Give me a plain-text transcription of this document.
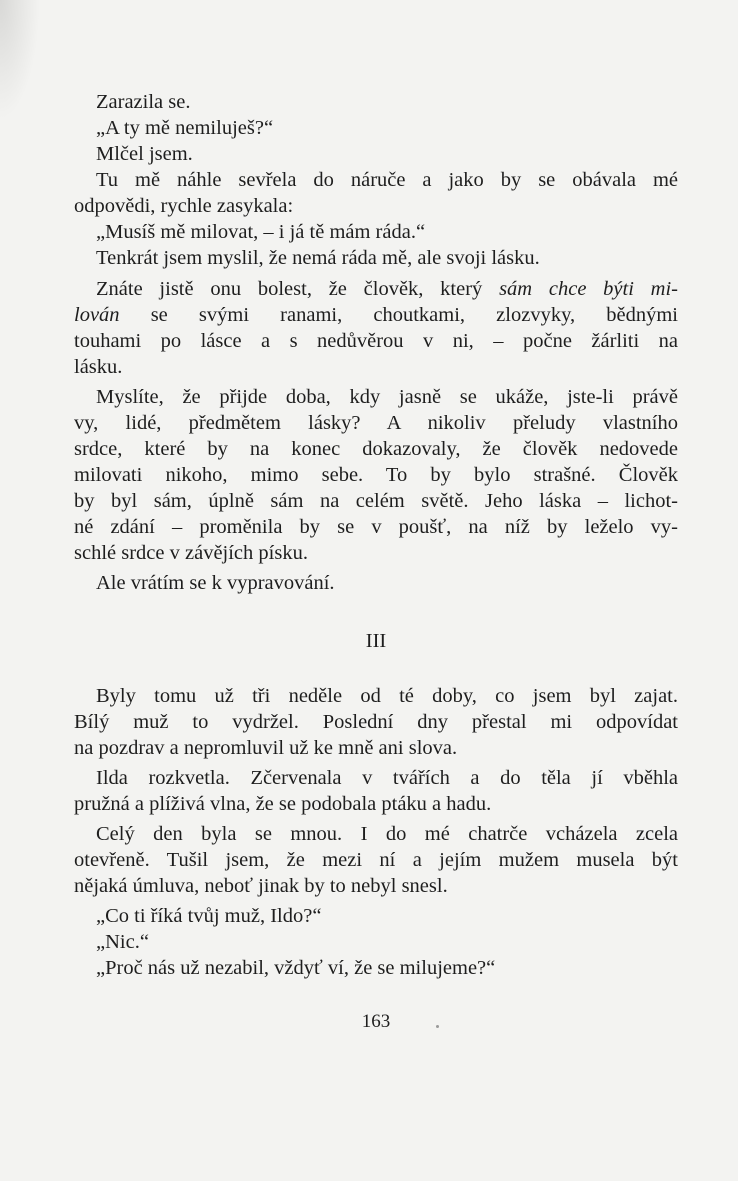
Zarazila se.
„A ty mě nemiluješ?“
Mlčel jsem.
Tu mě náhle sevřela do náruče a jako by se obávala mé
odpovědi, rychle zasykala:
„Musíš mě milovat, – i já tě mám ráda.“
Tenkrát jsem myslil, že nemá ráda mě, ale svoji lásku.
Znáte jistě onu bolest, že člověk, který sám chce býti mi-
lován se svými ranami, choutkami, zlozvyky, bědnými
touhami po lásce a s nedůvěrou v ni, – počne žárliti na
lásku.
Myslíte, že přijde doba, kdy jasně se ukáže, jste-li právě
vy, lidé, předmětem lásky? A nikoliv přeludy vlastního
srdce, které by na konec dokazovaly, že člověk nedovede
milovati nikoho, mimo sebe. To by bylo strašné. Člověk
by byl sám, úplně sám na celém světě. Jeho láska – lichot-
né zdání – proměnila by se v poušť, na níž by leželo vy-
schlé srdce v závějích písku.
Ale vrátím se k vypravování.
III
Byly tomu už tři neděle od té doby, co jsem byl zajat.
Bílý muž to vydržel. Poslední dny přestal mi odpovídat
na pozdrav a nepromluvil už ke mně ani slova.
Ilda rozkvetla. Zčervenala v tvářích a do těla jí vběhla
pružná a plíživá vlna, že se podobala ptáku a hadu.
Celý den byla se mnou. I do mé chatrče vcházela zcela
otevřeně. Tušil jsem, že mezi ní a jejím mužem musela být
nějaká úmluva, neboť jinak by to nebyl snesl.
„Co ti říká tvůj muž, Ildo?“
„Nic.“
„Proč nás už nezabil, vždyť ví, že se milujeme?“
163
